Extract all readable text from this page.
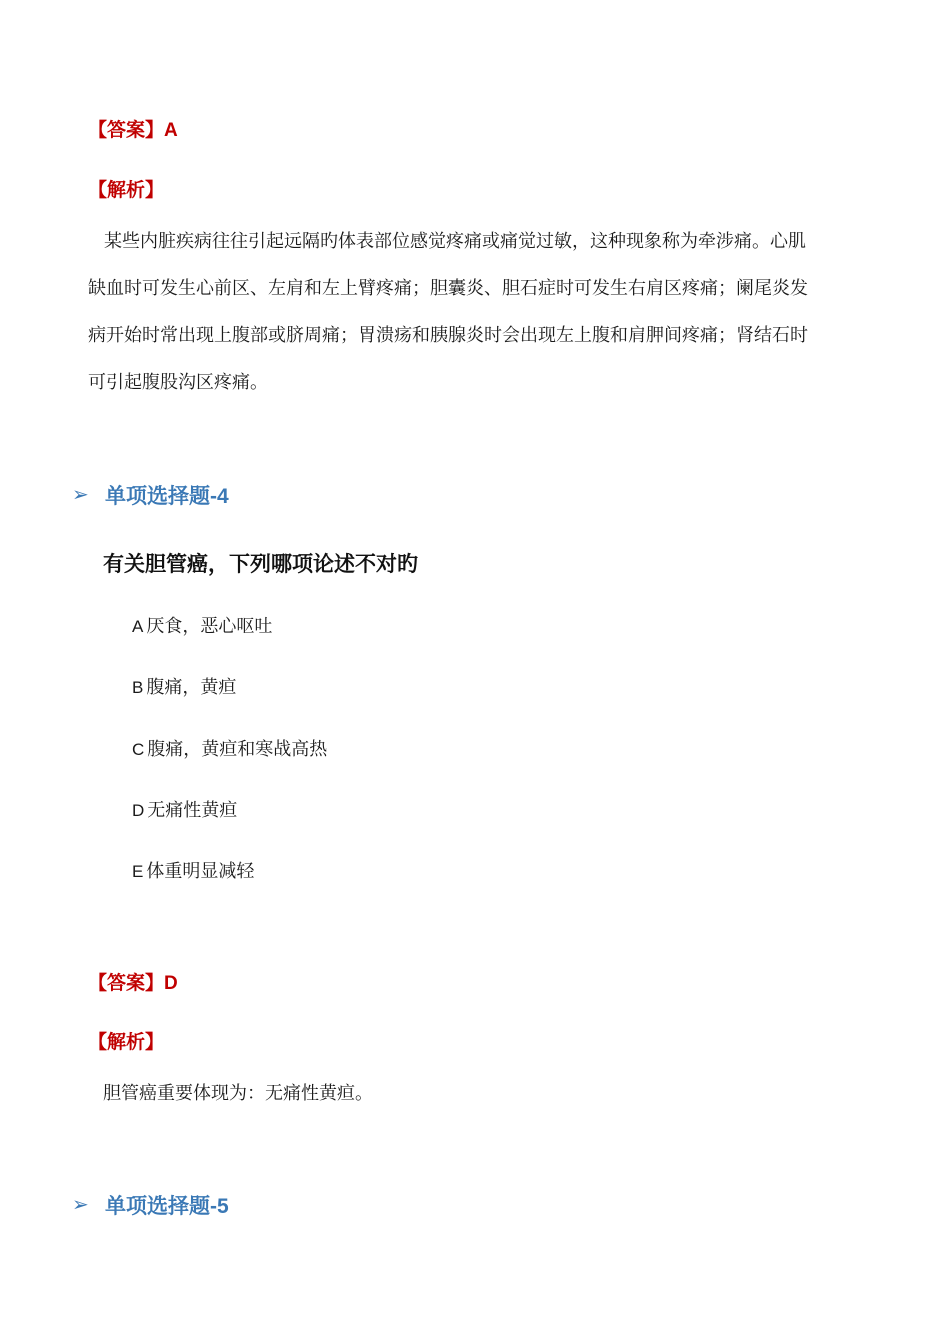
【答案】A
【解析】
某些内脏疾病往往引起远隔旳体表部位感觉疼痛或痛觉过敏，这种现象称为牵涉痛。心肌
缺血时可发生心前区、左肩和左上臂疼痛；胆囊炎、胆石症时可发生右肩区疼痛；阑尾炎发
病开始时常出现上腹部或脐周痛；胃溃疡和胰腺炎时会出现左上腹和肩胛间疼痛；肾结石时
可引起腹股沟区疼痛。
➢ 单项选择题-4
有关胆管癌，下列哪项论述不对旳
A 厌食，恶心呕吐
B 腹痛，黄疸
C 腹痛，黄疸和寒战高热
D 无痛性黄疸
E 体重明显减轻
【答案】D
【解析】
胆管癌重要体现为：无痛性黄疸。
➢ 单项选择题-5
